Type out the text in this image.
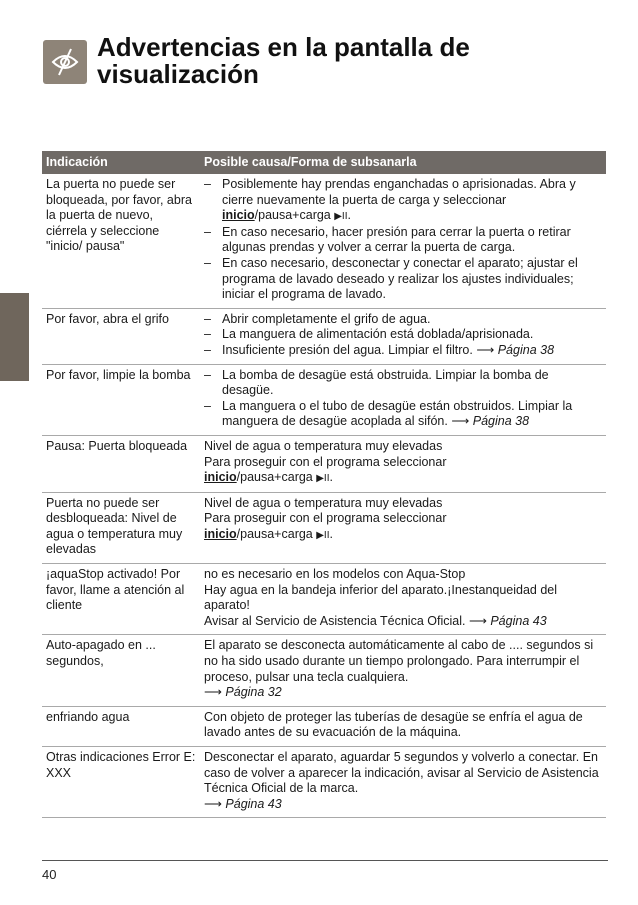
Advertencias en la pantalla de
visualización
Indicación	Posible causa/Forma de subsanarla
La puerta no puede ser bloqueada, por favor, abra la puerta de nuevo, ciérrela y seleccione "inicio/ pausa"	– Posiblemente hay prendas enganchadas o aprisionadas. Abra y cierre nuevamente la puerta de carga y seleccionar inicio/pausa+carga ▶II.
– En caso necesario, hacer presión para cerrar la puerta o retirar algunas prendas y volver a cerrar la puerta de carga.
– En caso necesario, desconectar y conectar el aparato; ajustar el programa de lavado deseado y realizar los ajustes individuales; iniciar el programa de lavado.

Por favor, abra el grifo	– Abrir completamente el grifo de agua.
– La manguera de alimentación está doblada/aprisionada.
– Insuficiente presión del agua. Limpiar el filtro. ⟶ Página 38

Por favor, limpie la bomba	– La bomba de desagüe está obstruida. Limpiar la bomba de desagüe.
– La manguera o el tubo de desagüe están obstruidos. Limpiar la manguera de desagüe acoplada al sifón. ⟶ Página 38

Pausa: Puerta bloqueada	Nivel de agua o temperatura muy elevadas
Para proseguir con el programa seleccionar
inicio/pausa+carga ▶II.

Puerta no puede ser desbloqueada: Nivel de agua o temperatura muy elevadas	Nivel de agua o temperatura muy elevadas
Para proseguir con el programa seleccionar
inicio/pausa+carga ▶II.

¡aquaStop activado! Por favor, llame a atención al cliente	no es necesario en los modelos con Aqua-Stop
Hay agua en la bandeja inferior del aparato.¡Inestanqueidad del aparato!
Avisar al Servicio de Asistencia Técnica Oficial. ⟶ Página 43

Auto-apagado en ... segundos,	El aparato se desconecta automáticamente al cabo de .... segundos si no ha sido usado durante un tiempo prolongado. Para interrumpir el proceso, pulsar una tecla cualquiera.
⟶ Página 32

enfriando agua	Con objeto de proteger las tuberías de desagüe se enfría el agua de lavado antes de su evacuación de la máquina.

Otras indicaciones Error E: XXX	Desconectar el aparato, aguardar 5 segundos y volverlo a conectar. En caso de volver a aparecer la indicación, avisar al Servicio de Asistencia Técnica Oficial de la marca.
⟶ Página 43
40
